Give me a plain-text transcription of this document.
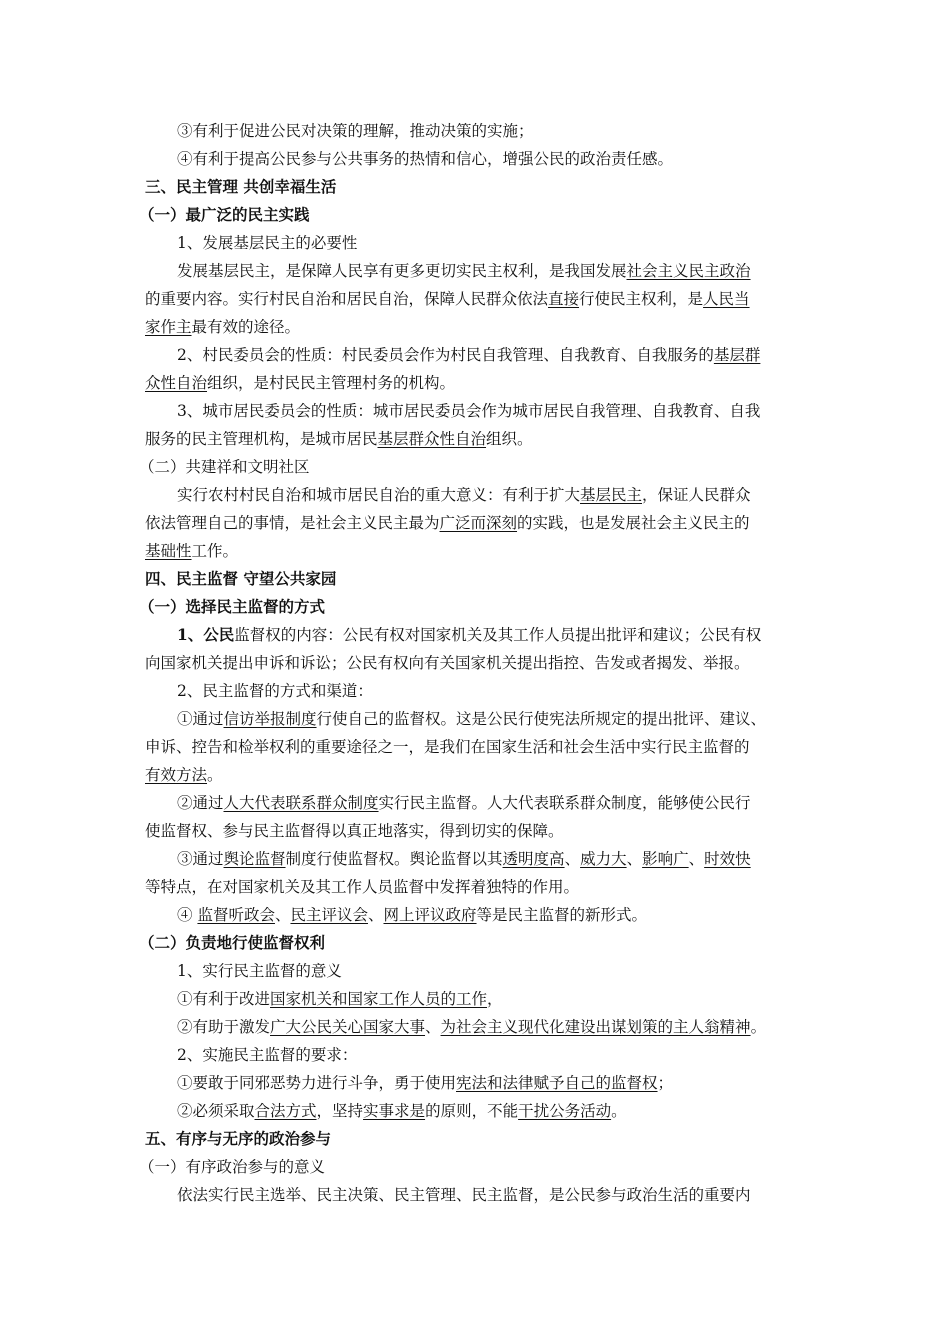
③有利于促进公民对决策的理解，推动决策的实施；
④有利于提高公民参与公共事务的热情和信心，增强公民的政治责任感。
三、民主管理 共创幸福生活
（一）最广泛的民主实践
1、发展基层民主的必要性
发展基层民主，是保障人民享有更多更切实民主权利，是我国发展社会主义民主政治
的重要内容。实行村民自治和居民自治，保障人民群众依法直接行使民主权利，是人民当
家作主最有效的途径。
2、村民委员会的性质：村民委员会作为村民自我管理、自我教育、自我服务的基层群
众性自治组织，是村民民主管理村务的机构。
3、城市居民委员会的性质：城市居民委员会作为城市居民自我管理、自我教育、自我
服务的民主管理机构，是城市居民基层群众性自治组织。
（二）共建祥和文明社区
实行农村村民自治和城市居民自治的重大意义：有利于扩大基层民主，保证人民群众
依法管理自己的事情，是社会主义民主最为广泛而深刻的实践，也是发展社会主义民主的
基础性工作。
四、民主监督 守望公共家园
（一）选择民主监督的方式
1、公民监督权的内容：公民有权对国家机关及其工作人员提出批评和建议；公民有权
向国家机关提出申诉和诉讼；公民有权向有关国家机关提出指控、告发或者揭发、举报。
2、民主监督的方式和渠道：
①通过信访举报制度行使自己的监督权。这是公民行使宪法所规定的提出批评、建议、
申诉、控告和检举权利的重要途径之一，是我们在国家生活和社会生活中实行民主监督的
有效方法。
②通过人大代表联系群众制度实行民主监督。人大代表联系群众制度，能够使公民行
使监督权、参与民主监督得以真正地落实，得到切实的保障。
③通过舆论监督制度行使监督权。舆论监督以其透明度高、威力大、影响广、时效快
等特点，在对国家机关及其工作人员监督中发挥着独特的作用。
④ 监督听政会、民主评议会、网上评议政府等是民主监督的新形式。
（二）负责地行使监督权利
1、实行民主监督的意义
①有利于改进国家机关和国家工作人员的工作，
②有助于激发广大公民关心国家大事、为社会主义现代化建设出谋划策的主人翁精神。
2、实施民主监督的要求：
①要敢于同邪恶势力进行斗争，勇于使用宪法和法律赋予自己的监督权；
②必须采取合法方式，坚持实事求是的原则，不能干扰公务活动。
五、有序与无序的政治参与
（一）有序政治参与的意义
依法实行民主选举、民主决策、民主管理、民主监督，是公民参与政治生活的重要内
